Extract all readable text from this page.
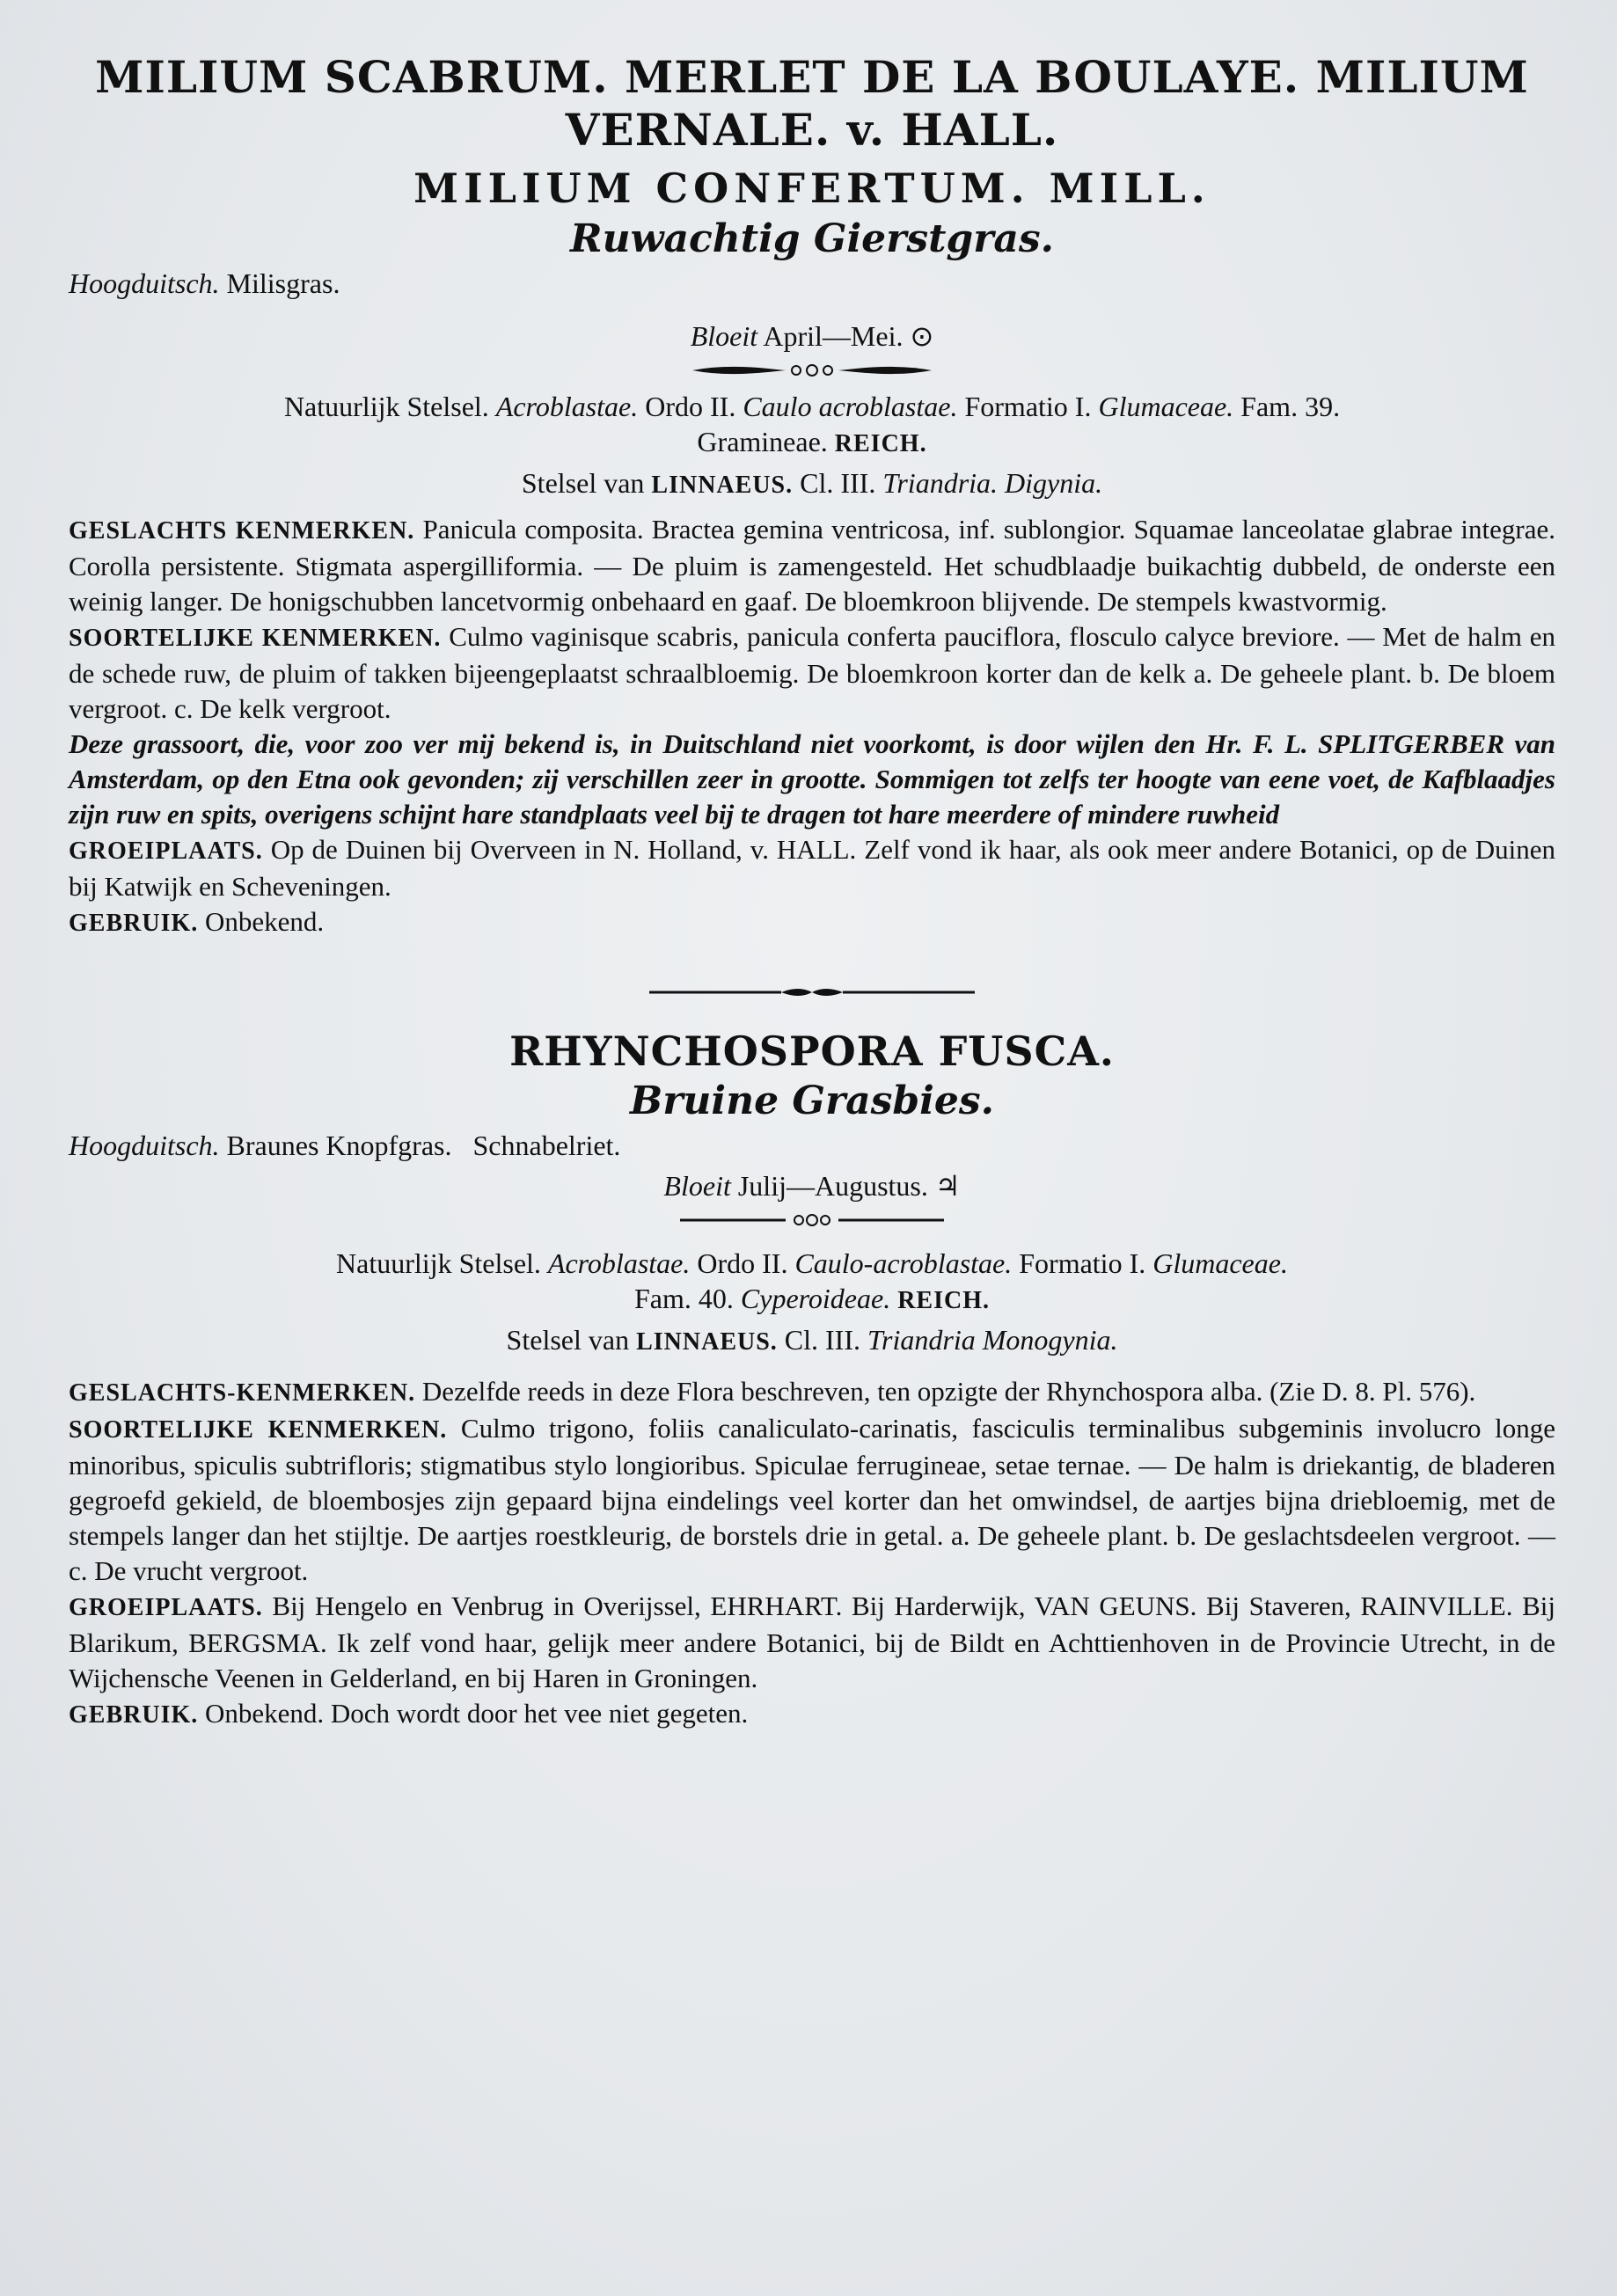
MILIUM SCABRUM. MERLET DE LA BOULAYE. MILIUM

VERNALE. v. HALL.

MILIUM CONFERTUM. MILL.

Ruwachtig Gierstgras.

Hoogduitsch. Milisgras.

Bloeit April—Mei. ⊙

Natuurlijk Stelsel. Acroblastae. Ordo II. Caulo acroblastae. Formatio I. Glumaceae. Fam. 39.
Gramineae. REICH.

Stelsel van LINNAEUS. Cl. III. Triandria. Digynia.

GESLACHTS KENMERKEN. Panicula composita. Bractea gemina ventricosa, inf. sublongior. Squamae lanceolatae glabrae integrae. Corolla persistente. Stigmata aspergilliformia. — De pluim is zamengesteld. Het schudblaadje buikachtig dubbeld, de onderste een weinig langer. De honigschubben lancetvormig onbehaard en gaaf. De bloemkroon blijvende. De stempels kwastvormig.

SOORTELIJKE KENMERKEN. Culmo vaginisque scabris, panicula conferta pauciflora, flosculo calyce breviore. — Met de halm en de schede ruw, de pluim of takken bijeengeplaatst schraalbloemig. De bloemkroon korter dan de kelk a. De geheele plant. b. De bloem vergroot. c. De kelk vergroot.

Deze grassoort, die, voor zoo ver mij bekend is, in Duitschland niet voorkomt, is door wijlen den Hr. F. L. SPLITGERBER van Amsterdam, op den Etna ook gevonden; zij verschillen zeer in grootte. Sommigen tot zelfs ter hoogte van eene voet, de Kafblaadjes zijn ruw en spits, overigens schijnt hare standplaats veel bij te dragen tot hare meerdere of mindere ruwheid

GROEIPLAATS. Op de Duinen bij Overveen in N. Holland, v. HALL. Zelf vond ik haar, als ook meer andere Botanici, op de Duinen bij Katwijk en Scheveningen.

GEBRUIK. Onbekend.

RHYNCHOSPORA FUSCA.

Bruine Grasbies.

Hoogduitsch. Braunes Knopfgras.   Schnabelriet.

Bloeit Julij—Augustus. ♃

Natuurlijk Stelsel. Acroblastae. Ordo II. Caulo-acroblastae. Formatio I. Glumaceae.
Fam. 40. Cyperoideae. REICH.

Stelsel van LINNAEUS. Cl. III. Triandria Monogynia.

GESLACHTS-KENMERKEN. Dezelfde reeds in deze Flora beschreven, ten opzigte der Rhynchospora alba. (Zie D. 8. Pl. 576).

SOORTELIJKE KENMERKEN. Culmo trigono, foliis canaliculato-carinatis, fasciculis terminalibus subgeminis involucro longe minoribus, spiculis subtrifloris; stigmatibus stylo longioribus. Spiculae ferrugineae, setae ternae. — De halm is driekantig, de bladeren gegroefd gekield, de bloembosjes zijn gepaard bijna eindelings veel korter dan het omwindsel, de aartjes bijna driebloemig, met de stempels langer dan het stijltje. De aartjes roestkleurig, de borstels drie in getal. a. De geheele plant. b. De geslachtsdeelen vergroot. — c. De vrucht vergroot.

GROEIPLAATS. Bij Hengelo en Venbrug in Overijssel, EHRHART. Bij Harderwijk, VAN GEUNS. Bij Staveren, RAINVILLE. Bij Blarikum, BERGSMA. Ik zelf vond haar, gelijk meer andere Botanici, bij de Bildt en Achttienhoven in de Provincie Utrecht, in de Wijchensche Veenen in Gelderland, en bij Haren in Groningen.

GEBRUIK. Onbekend. Doch wordt door het vee niet gegeten.
